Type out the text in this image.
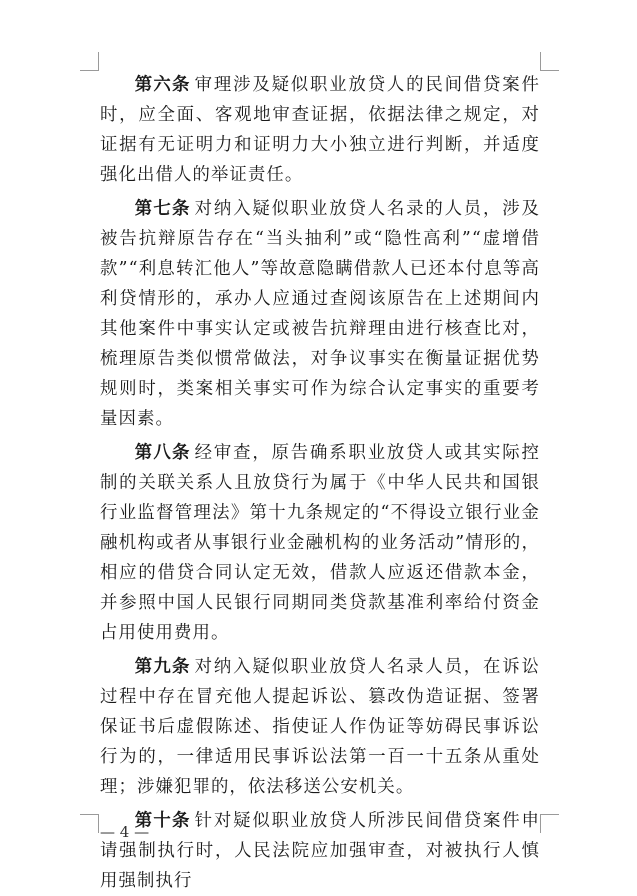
第六条 审理涉及疑似职业放贷人的民间借贷案件时，应全面、客观地审查证据，依据法律之规定，对证据有无证明力和证明力大小独立进行判断，并适度强化出借人的举证责任。

第七条 对纳入疑似职业放贷人名录的人员，涉及被告抗辩原告存在“当头抽利”或“隐性高利”“虚增借款”“利息转汇他人”等故意隐瞒借款人已还本付息等高利贷情形的，承办人应通过查阅该原告在上述期间内其他案件中事实认定或被告抗辩理由进行核查比对，梳理原告类似惯常做法，对争议事实在衡量证据优势规则时，类案相关事实可作为综合认定事实的重要考量因素。

第八条 经审查，原告确系职业放贷人或其实际控制的关联关系人且放贷行为属于《中华人民共和国银行业监督管理法》第十九条规定的“不得设立银行业金融机构或者从事银行业金融机构的业务活动”情形的，相应的借贷合同认定无效，借款人应返还借款本金，并参照中国人民银行同期同类贷款基准利率给付资金占用使用费用。

第九条 对纳入疑似职业放贷人名录人员，在诉讼过程中存在冒充他人提起诉讼、篡改伪造证据、签署保证书后虚假陈述、指使证人作伪证等妨碍民事诉讼行为的，一律适用民事诉讼法第一百一十五条从重处理；涉嫌犯罪的，依法移送公安机关。

第十条 针对疑似职业放贷人所涉民间借贷案件申请强制执行时，人民法院应加强审查，对被执行人慎用强制执行

— 4 —
